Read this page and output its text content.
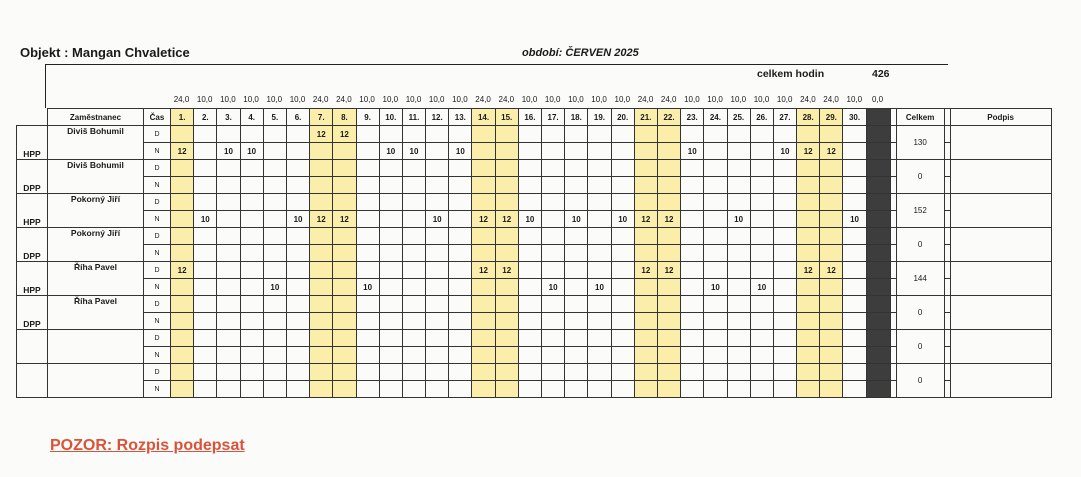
Objekt : Mangan Chvaletice	období: ČERVEN 2025
celkem hodin	426
24,0 10,0 10,0 10,0 10,0 10,0 24,0 24,0 10,0 10,0 10,0 10,0 10,0 24,0 24,0 10,0 10,0 10,0 10,0 10,0 24,0 24,0 10,0 10,0 10,0 10,0 10,0 24,0 24,0 10,0	0,0
	Zaměstnanec	Čas	1.	2.	3.	4.	5.	6.	7.	8.	9.	10.	11.	12.	13.	14.	15.	16.	17.	18.	19.	20.	21.	22.	23.	24.	25.	26.	27.	28.	29.	30.			Celkem		Podpis
HPP	Diviš Bohumil	D							12	12																									130		
		N	12		10	10						10	10		10										10				10	12	12						
DPP	Diviš Bohumil	D																																	0		
		N																																			
HPP	Pokorný Jiří	D																																	152		
		N		10				10	12	12				10		12	12	10		10		10	12	12			10					10					
DPP	Pokorný Jiří	D																																	0		
		N																																			
HPP	Říha Pavel	D	12													12	12						12	12						12	12				144		
		N					10				10								10		10					10		10									
DPP	Říha Pavel	D																																	0		
		N																																			
		D																																	0		
		N																																			
		D																																	0		
		N																																			
POZOR: Rozpis podepsat
